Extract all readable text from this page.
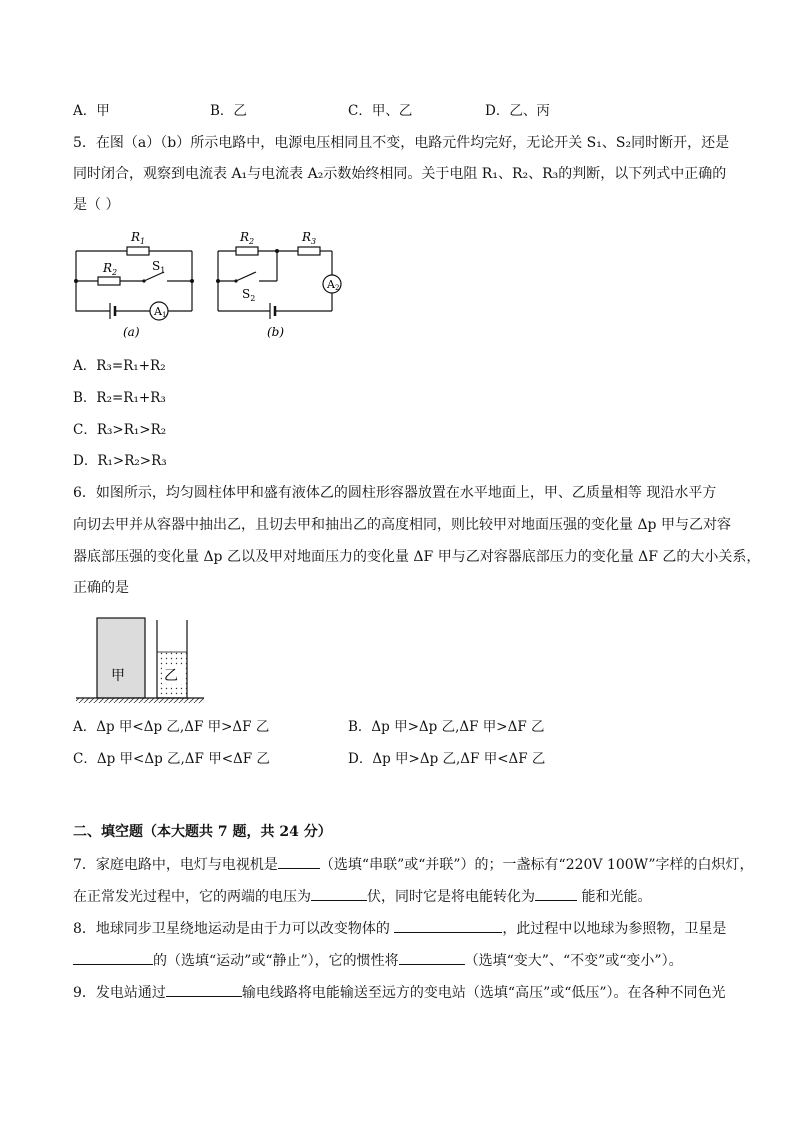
A．甲	B．乙	C．甲、乙	D．乙、丙
5．在图（a）（b）所示电路中，电源电压相同且不变，电路元件均完好，无论开关 S₁、S₂同时断开，还是
同时闭合，观察到电流表 A₁与电流表 A₂示数始终相同。关于电阻 R₁、R₂、R₃的判断，以下列式中正确的
是（ ）
$R_1$
$R_2$	$S_1$
A1
(a)
$R_2$	$R_3$
$S_2$
A2
(b)
A．R₃=R₁+R₂
B．R₂=R₁+R₃
C．R₃>R₁>R₂
D．R₁>R₂>R₃
6．如图所示，均匀圆柱体甲和盛有液体乙的圆柱形容器放置在水平地面上，甲、乙质量相等 现沿水平方
向切去甲并从容器中抽出乙，且切去甲和抽出乙的高度相同，则比较甲对地面压强的变化量 Δp 甲与乙对容
器底部压强的变化量 Δp 乙以及甲对地面压力的变化量 ΔF 甲与乙对容器底部压力的变化量 ΔF 乙的大小关系，
正确的是
甲	乙
A．Δp 甲<Δp 乙,ΔF 甲>ΔF 乙	B．Δp 甲>Δp 乙,ΔF 甲>ΔF 乙
C．Δp 甲<Δp 乙,ΔF 甲<ΔF 乙	D．Δp 甲>Δp 乙,ΔF 甲<ΔF 乙
二、填空题（本大题共 7 题，共 24 分）
7．家庭电路中，电灯与电视机是	（选填“串联”或“并联”）的；一盏标有“220V 100W”字样的白炽灯，
在正常发光过程中，它的两端的电压为	伏，同时它是将电能转化为	能和光能。
8．地球同步卫星绕地运动是由于力可以改变物体的	，此过程中以地球为参照物，卫星是
的（选填“运动”或“静止”），它的惯性将	（选填“变大”、“不变”或“变小”）。
9．发电站通过	输电线路将电能输送至远方的变电站（选填“高压”或“低压”）。在各种不同色光
